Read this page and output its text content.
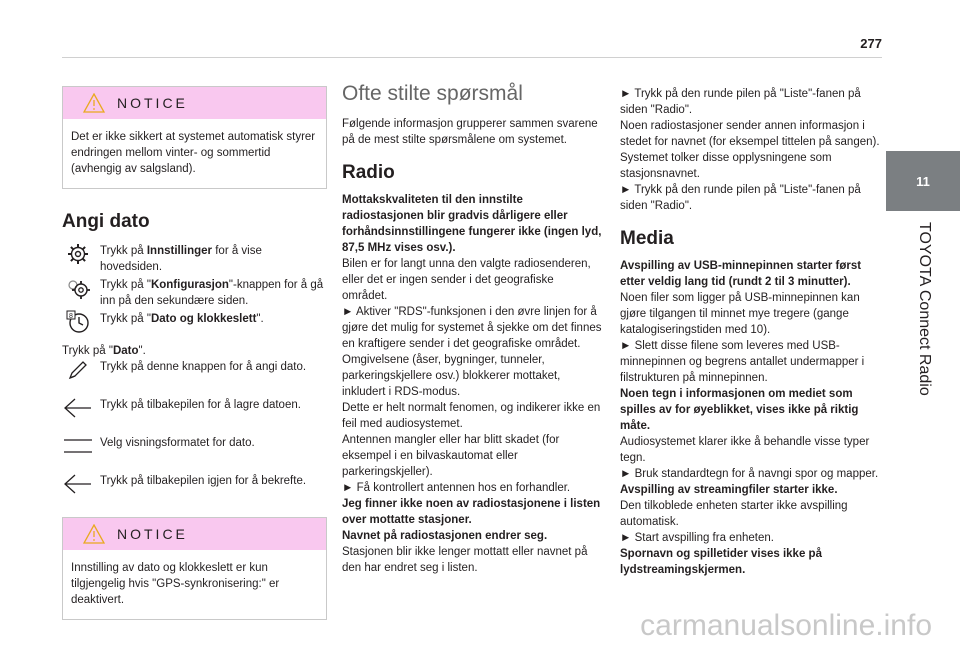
277
11
TOYOTA Connect Radio
NOTICE
Det er ikke sikkert at systemet automatisk styrer endringen mellom vinter- og sommertid (avhengig av salgsland).
Angi dato
Trykk på Innstillinger for å vise hovedsiden.
Trykk på "Konfigurasjon"-knappen for å gå inn på den sekundære siden.
8	Trykk på "Dato og klokkeslett".

Trykk på "Dato".

Trykk på denne knappen for å angi dato.
Trykk på tilbakepilen for å lagre datoen.
Velg visningsformatet for dato.
Trykk på tilbakepilen igjen for å bekrefte.
NOTICE
Innstilling av dato og klokkeslett er kun tilgjengelig hvis "GPS-synkronisering:" er deaktivert.
Ofte stilte spørsmål

Følgende informasjon grupperer sammen svarene på de mest stilte spørsmålene om systemet.

Radio

Mottakskvaliteten til den innstilte radiostasjonen blir gradvis dårligere eller forhåndsinnstillingene fungerer ikke (ingen lyd, 87,5 MHz vises osv.).

Bilen er for langt unna den valgte radiosenderen, eller det er ingen sender i det geografiske området.

► Aktiver "RDS"-funksjonen i den øvre linjen for å gjøre det mulig for systemet å sjekke om det finnes en kraftigere sender i det geografiske området.

Omgivelsene (åser, bygninger, tunneler, parkeringskjellere osv.) blokkerer mottaket, inkludert i RDS-modus.

Dette er helt normalt fenomen, og indikerer ikke en feil med audiosystemet.

Antennen mangler eller har blitt skadet (for eksempel i en bilvaskautomat eller parkeringskjeller).

► Få kontrollert antennen hos en forhandler.

Jeg finner ikke noen av radiostasjonene i listen over mottatte stasjoner.

Navnet på radiostasjonen endrer seg.

Stasjonen blir ikke lenger mottatt eller navnet på den har endret seg i listen.

► Trykk på den runde pilen på "Liste"-fanen på siden "Radio".

Noen radiostasjoner sender annen informasjon i stedet for navnet (for eksempel tittelen på sangen).

Systemet tolker disse opplysningene som stasjonsnavnet.

► Trykk på den runde pilen på "Liste"-fanen på siden "Radio".

Media

Avspilling av USB-minnepinnen starter først etter veldig lang tid (rundt 2 til 3 minutter).

Noen filer som ligger på USB-minnepinnen kan gjøre tilgangen til minnet mye tregere (gange katalogiseringstiden med 10).

► Slett disse filene som leveres med USB-minnepinnen og begrens antallet undermapper i filstrukturen på minnepinnen.

Noen tegn i informasjonen om mediet som spilles av for øyeblikket, vises ikke på riktig måte.

Audiosystemet klarer ikke å behandle visse typer tegn.

► Bruk standardtegn for å navngi spor og mapper.

Avspilling av streamingfiler starter ikke.

Den tilkoblede enheten starter ikke avspilling automatisk.

► Start avspilling fra enheten.

Spornavn og spilletider vises ikke på lydstreamingskjermen.

carmanualsonline.info
